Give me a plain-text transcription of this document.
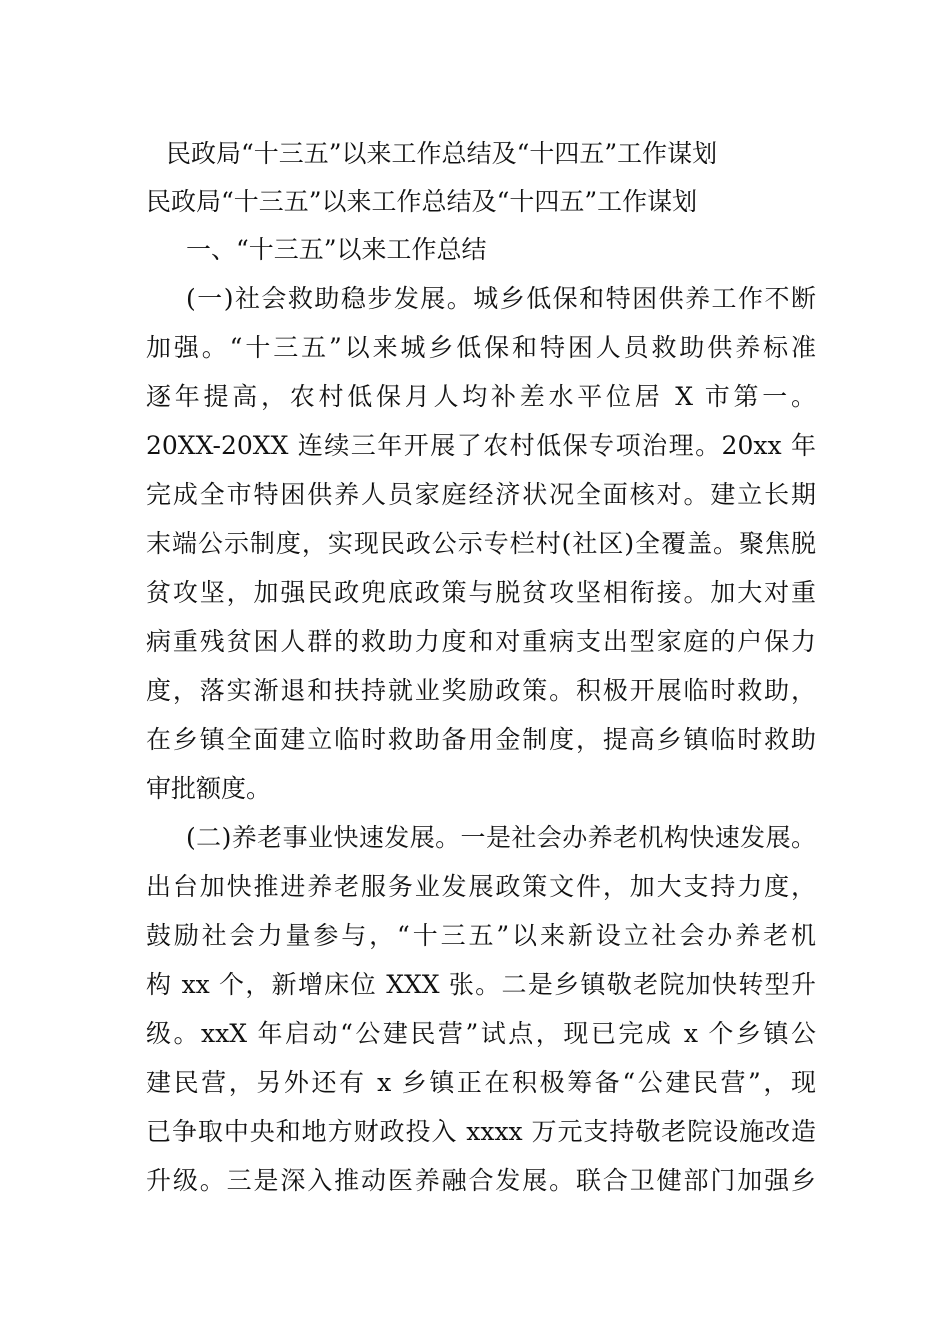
民政局“十三五”以来工作总结及“十四五”工作谋划
民政局“十三五”以来工作总结及“十四五”工作谋划
一、“十三五”以来工作总结
(一)社会救助稳步发展。城乡低保和特困供养工作不断
加强。“十三五”以来城乡低保和特困人员救助供养标准
逐年提高，农村低保月人均补差水平位居 X 市第一。
20XX-20XX 连续三年开展了农村低保专项治理。20xx 年
完成全市特困供养人员家庭经济状况全面核对。建立长期
末端公示制度，实现民政公示专栏村(社区)全覆盖。聚焦脱
贫攻坚，加强民政兜底政策与脱贫攻坚相衔接。加大对重
病重残贫困人群的救助力度和对重病支出型家庭的户保力
度，落实渐退和扶持就业奖励政策。积极开展临时救助，
在乡镇全面建立临时救助备用金制度，提高乡镇临时救助
审批额度。
(二)养老事业快速发展。一是社会办养老机构快速发展。
出台加快推进养老服务业发展政策文件，加大支持力度，
鼓励社会力量参与，“十三五”以来新设立社会办养老机
构 xx 个，新增床位 XXX 张。二是乡镇敬老院加快转型升
级。xxX 年启动“公建民营”试点，现已完成 x 个乡镇公
建民营，另外还有 x 乡镇正在积极筹备“公建民营”，现
已争取中央和地方财政投入 xxxx 万元支持敬老院设施改造
升级。三是深入推动医养融合发展。联合卫健部门加强乡
